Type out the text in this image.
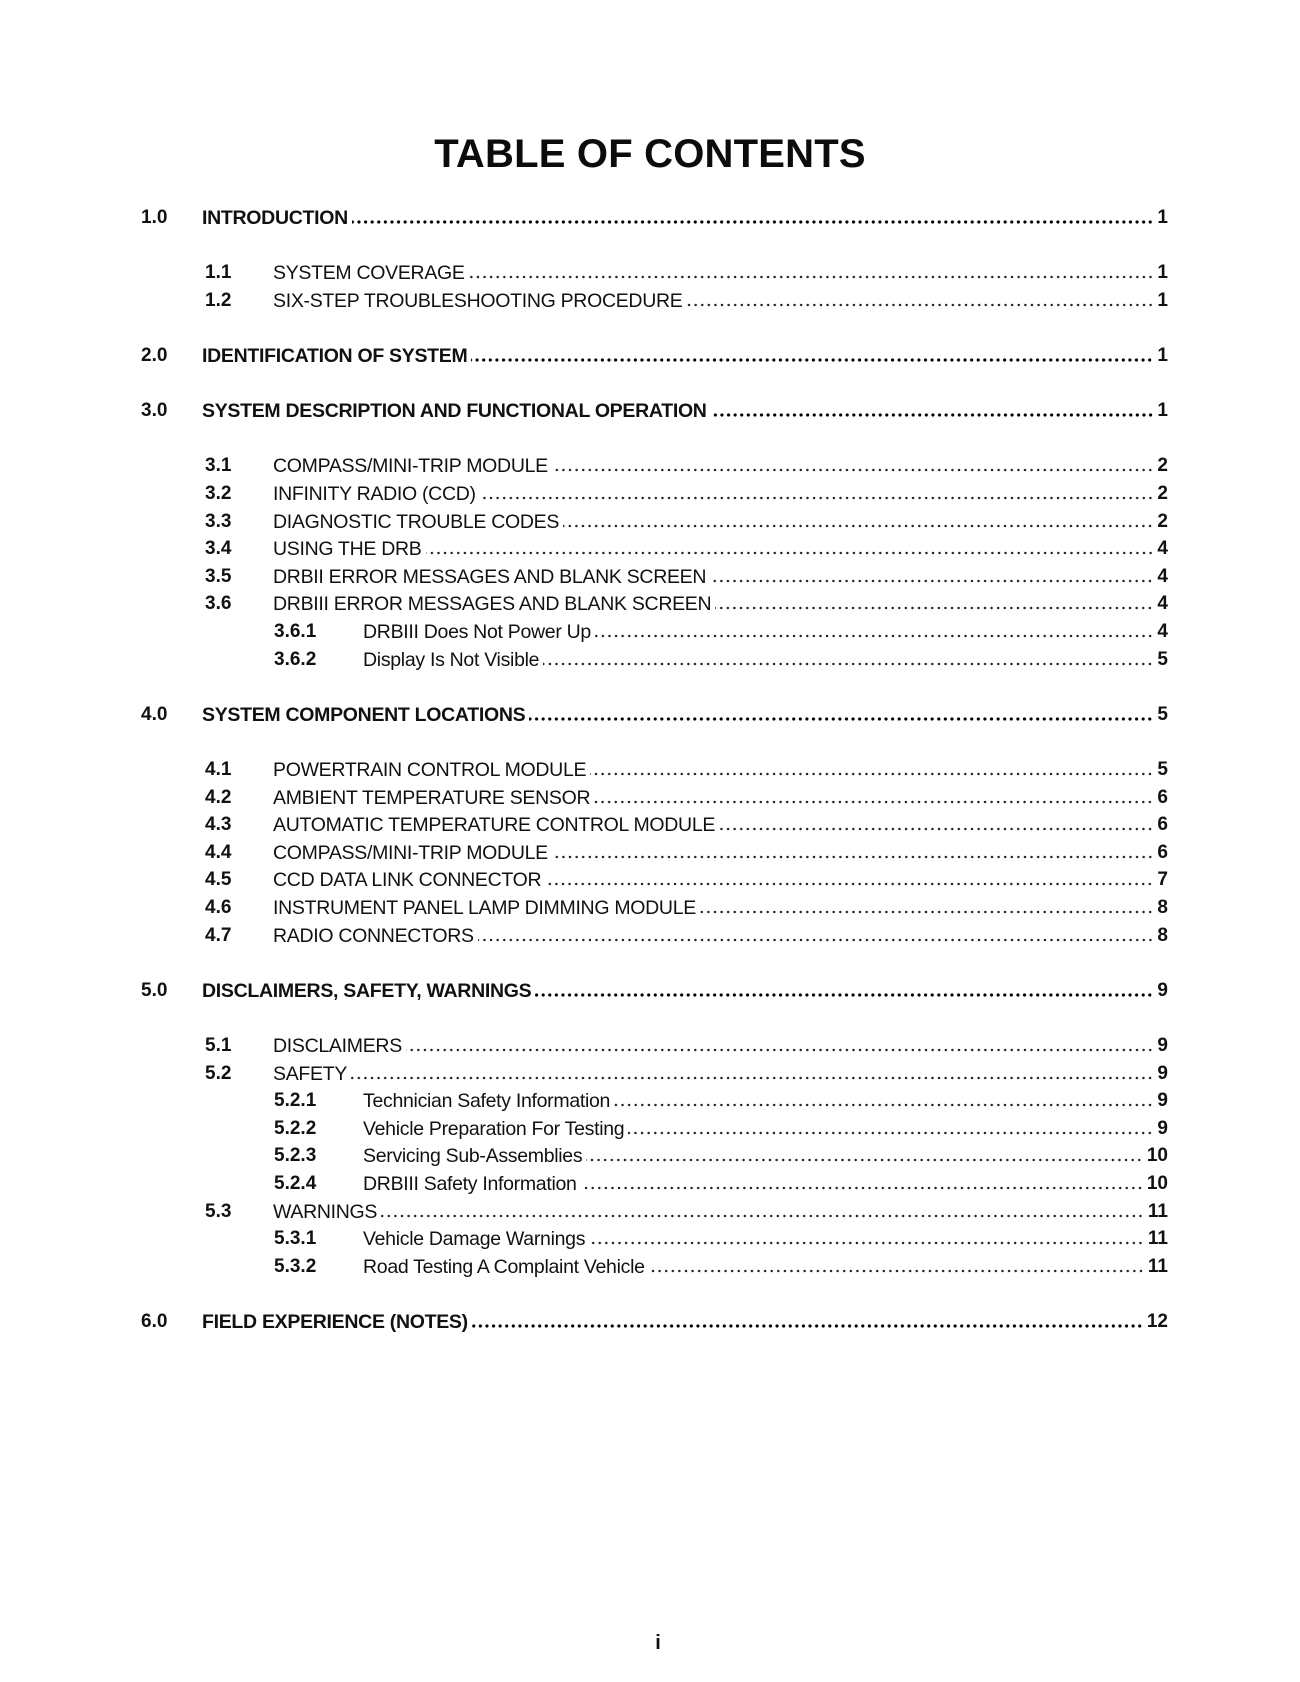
TABLE OF CONTENTS
1.0 INTRODUCTION	1
1.1 SYSTEM COVERAGE	1
1.2 SIX-STEP TROUBLESHOOTING PROCEDURE	1
2.0 IDENTIFICATION OF SYSTEM	1
3.0 SYSTEM DESCRIPTION AND FUNCTIONAL OPERATION	1
3.1 COMPASS/MINI-TRIP MODULE	2
3.2 INFINITY RADIO (CCD)	2
3.3 DIAGNOSTIC TROUBLE CODES	2
3.4 USING THE DRB	4
3.5 DRBII ERROR MESSAGES AND BLANK SCREEN	4
3.6 DRBIII ERROR MESSAGES AND BLANK SCREEN	4
3.6.1 DRBIII Does Not Power Up	4
3.6.2 Display Is Not Visible	5
4.0 SYSTEM COMPONENT LOCATIONS	5
4.1 POWERTRAIN CONTROL MODULE	5
4.2 AMBIENT TEMPERATURE SENSOR	6
4.3 AUTOMATIC TEMPERATURE CONTROL MODULE	6
4.4 COMPASS/MINI-TRIP MODULE	6
4.5 CCD DATA LINK CONNECTOR	7
4.6 INSTRUMENT PANEL LAMP DIMMING MODULE	8
4.7 RADIO CONNECTORS	8
5.0 DISCLAIMERS, SAFETY, WARNINGS	9
5.1 DISCLAIMERS	9
5.2 SAFETY	9
5.2.1 Technician Safety Information	9
5.2.2 Vehicle Preparation For Testing	9
5.2.3 Servicing Sub-Assemblies	10
5.2.4 DRBIII Safety Information	10
5.3 WARNINGS	11
5.3.1 Vehicle Damage Warnings	11
5.3.2 Road Testing A Complaint Vehicle	11
6.0 FIELD EXPERIENCE (NOTES)	12
i
